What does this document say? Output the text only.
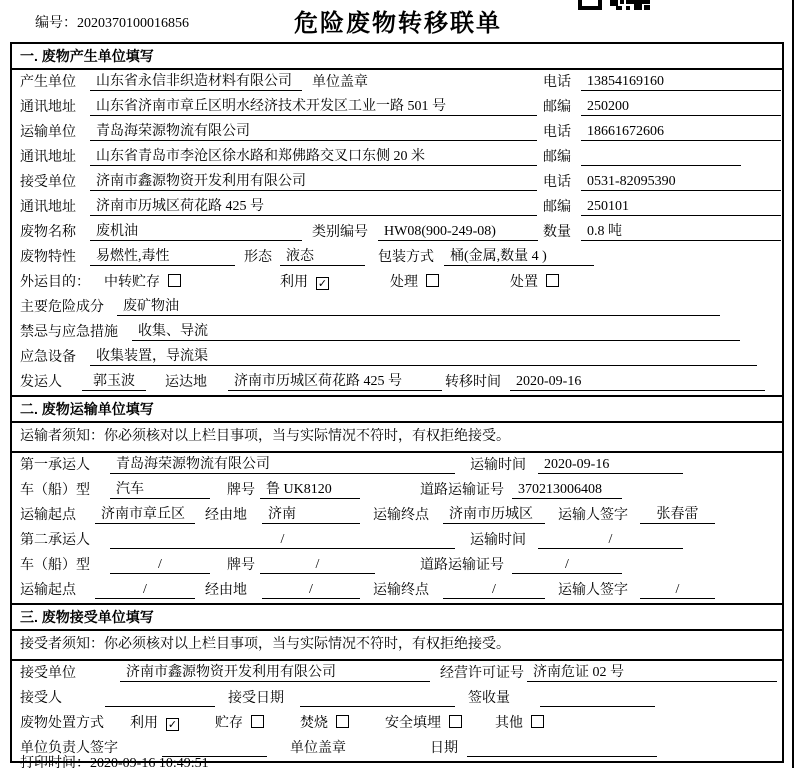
编号：2020370100016856	危险废物转移联单
一. 废物产生单位填写
产生单位	山东省永信非织造材料有限公司	单位盖章	电话	13854169160
通讯地址	山东省济南市章丘区明水经济技术开发区工业一路 501 号	邮编	250200
运输单位	青岛海荣源物流有限公司	电话	18661672606
通讯地址	山东省青岛市李沧区徐水路和郑佛路交叉口东侧 20 米	邮编
接受单位	济南市鑫源物资开发利用有限公司	电话	0531-82095390
通讯地址	济南市历城区荷花路 425 号	邮编	250101
废物名称	废机油	类别编号	HW08(900-249-08)	数量	0.8 吨
废物特性	易燃性,毒性	形态	液态	包装方式	桶(金属,数量 4 )
外运目的： 中转贮存	利用 ✓	处理	处置
主要危险成分	废矿物油
禁忌与应急措施	收集、导流
应急设备	收集装置，导流渠
发运人	郭玉波	运达地	济南市历城区荷花路 425 号	转移时间	2020-09-16
二. 废物运输单位填写
运输者须知：你必须核对以上栏目事项，当与实际情况不符时，有权拒绝接受。
第一承运人	青岛海荣源物流有限公司	运输时间	2020-09-16
车（船）型	汽车	牌号 鲁 UK8120	道路运输证号	370213006408
运输起点	济南市章丘区	经由地	济南	运输终点	济南市历城区	运输人签字	张春雷
第二承运人	/	运输时间	/
车（船）型	/	牌号	/	道路运输证号	/
运输起点	/	经由地	/	运输终点	/	运输人签字	/
三. 废物接受单位填写
接受者须知：你必须核对以上栏目事项，当与实际情况不符时，有权拒绝接受。
接受单位	济南市鑫源物资开发利用有限公司	经营许可证号 济南危证 02 号
接受人	接受日期	签收量
废物处置方式 利用 ✓	贮存	焚烧	安全填埋	其他
单位负责人签字	单位盖章	日期
打印时间：2020-09-16 10:49:51
